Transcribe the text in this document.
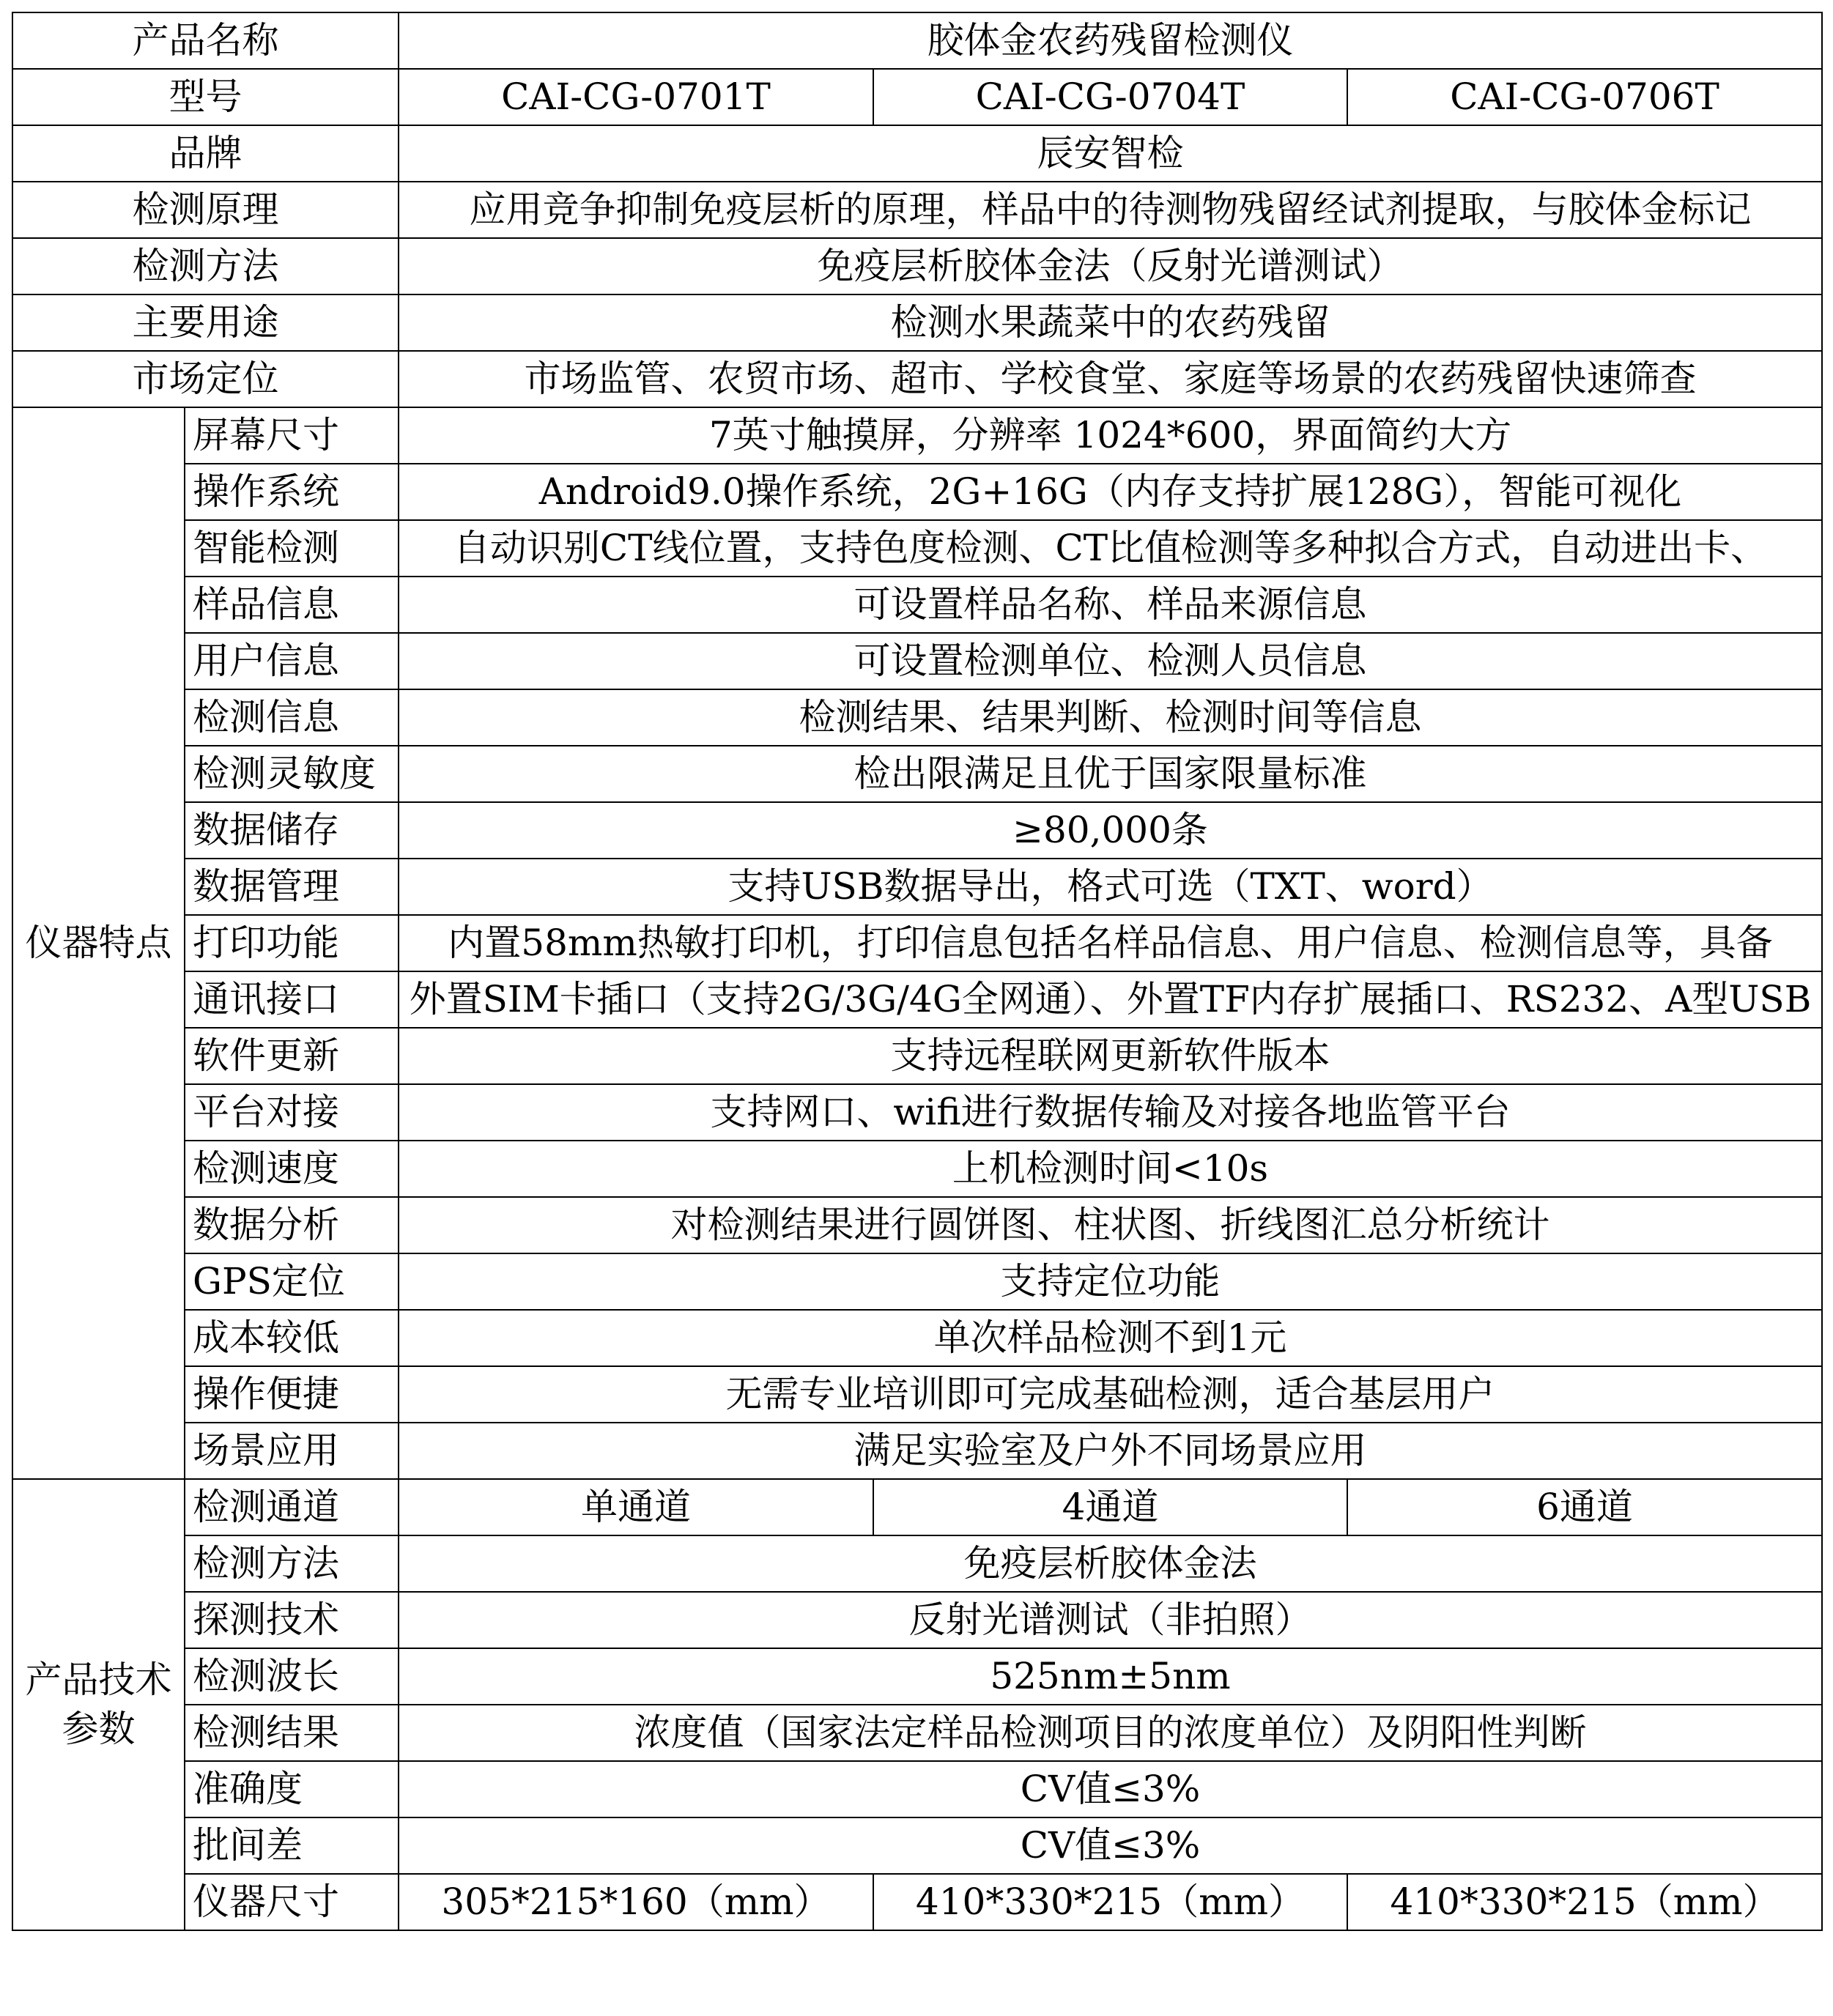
产品名称		胶体金农药残留检测仪		
型号		CAI-CG-0701T	CAI-CG-0704T	CAI-CG-0706T
品牌		辰安智检		
检测原理		应用竞争抑制免疫层析的原理，样品中的待测物残留经试剂提取，与胶体金标记		
检测方法		免疫层析胶体金法（反射光谱测试）		
主要用途		检测水果蔬菜中的农药残留		
市场定位		市场监管、农贸市场、超市、学校食堂、家庭等场景的农药残留快速筛查		
仪器特点	屏幕尺寸	7英寸触摸屏，分辨率 1024*600，界面简约大方		
	操作系统	Android9.0操作系统，2G+16G（内存支持扩展128G），智能可视化		
	智能检测	自动识别CT线位置，支持色度检测、CT比值检测等多种拟合方式，自动进出卡、		
	样品信息	可设置样品名称、样品来源信息		
	用户信息	可设置检测单位、检测人员信息		
	检测信息	检测结果、结果判断、检测时间等信息		
	检测灵敏度	检出限满足且优于国家限量标准		
	数据储存	≥80,000条		
	数据管理	支持USB数据导出，格式可选（TXT、word）		
	打印功能	内置58mm热敏打印机，打印信息包括名样品信息、用户信息、检测信息等，具备		
	通讯接口	外置SIM卡插口（支持2G/3G/4G全网通）、外置TF内存扩展插口、RS232、A型USB		
	软件更新	支持远程联网更新软件版本		
	平台对接	支持网口、wifi进行数据传输及对接各地监管平台		
	检测速度	上机检测时间<10s		
	数据分析	对检测结果进行圆饼图、柱状图、折线图汇总分析统计		
	GPS定位	支持定位功能		
	成本较低	单次样品检测不到1元		
	操作便捷	无需专业培训即可完成基础检测，适合基层用户		
	场景应用	满足实验室及户外不同场景应用		
产品技术参数	检测通道	单通道	4通道	6通道
	检测方法	免疫层析胶体金法		
	探测技术	反射光谱测试（非拍照）		
	检测波长	525nm±5nm		
	检测结果	浓度值（国家法定样品检测项目的浓度单位）及阴阳性判断		
	准确度	CV值≤3%		
	批间差	CV值≤3%		
	仪器尺寸	305*215*160（mm）	410*330*215（mm）	410*330*215（mm）
